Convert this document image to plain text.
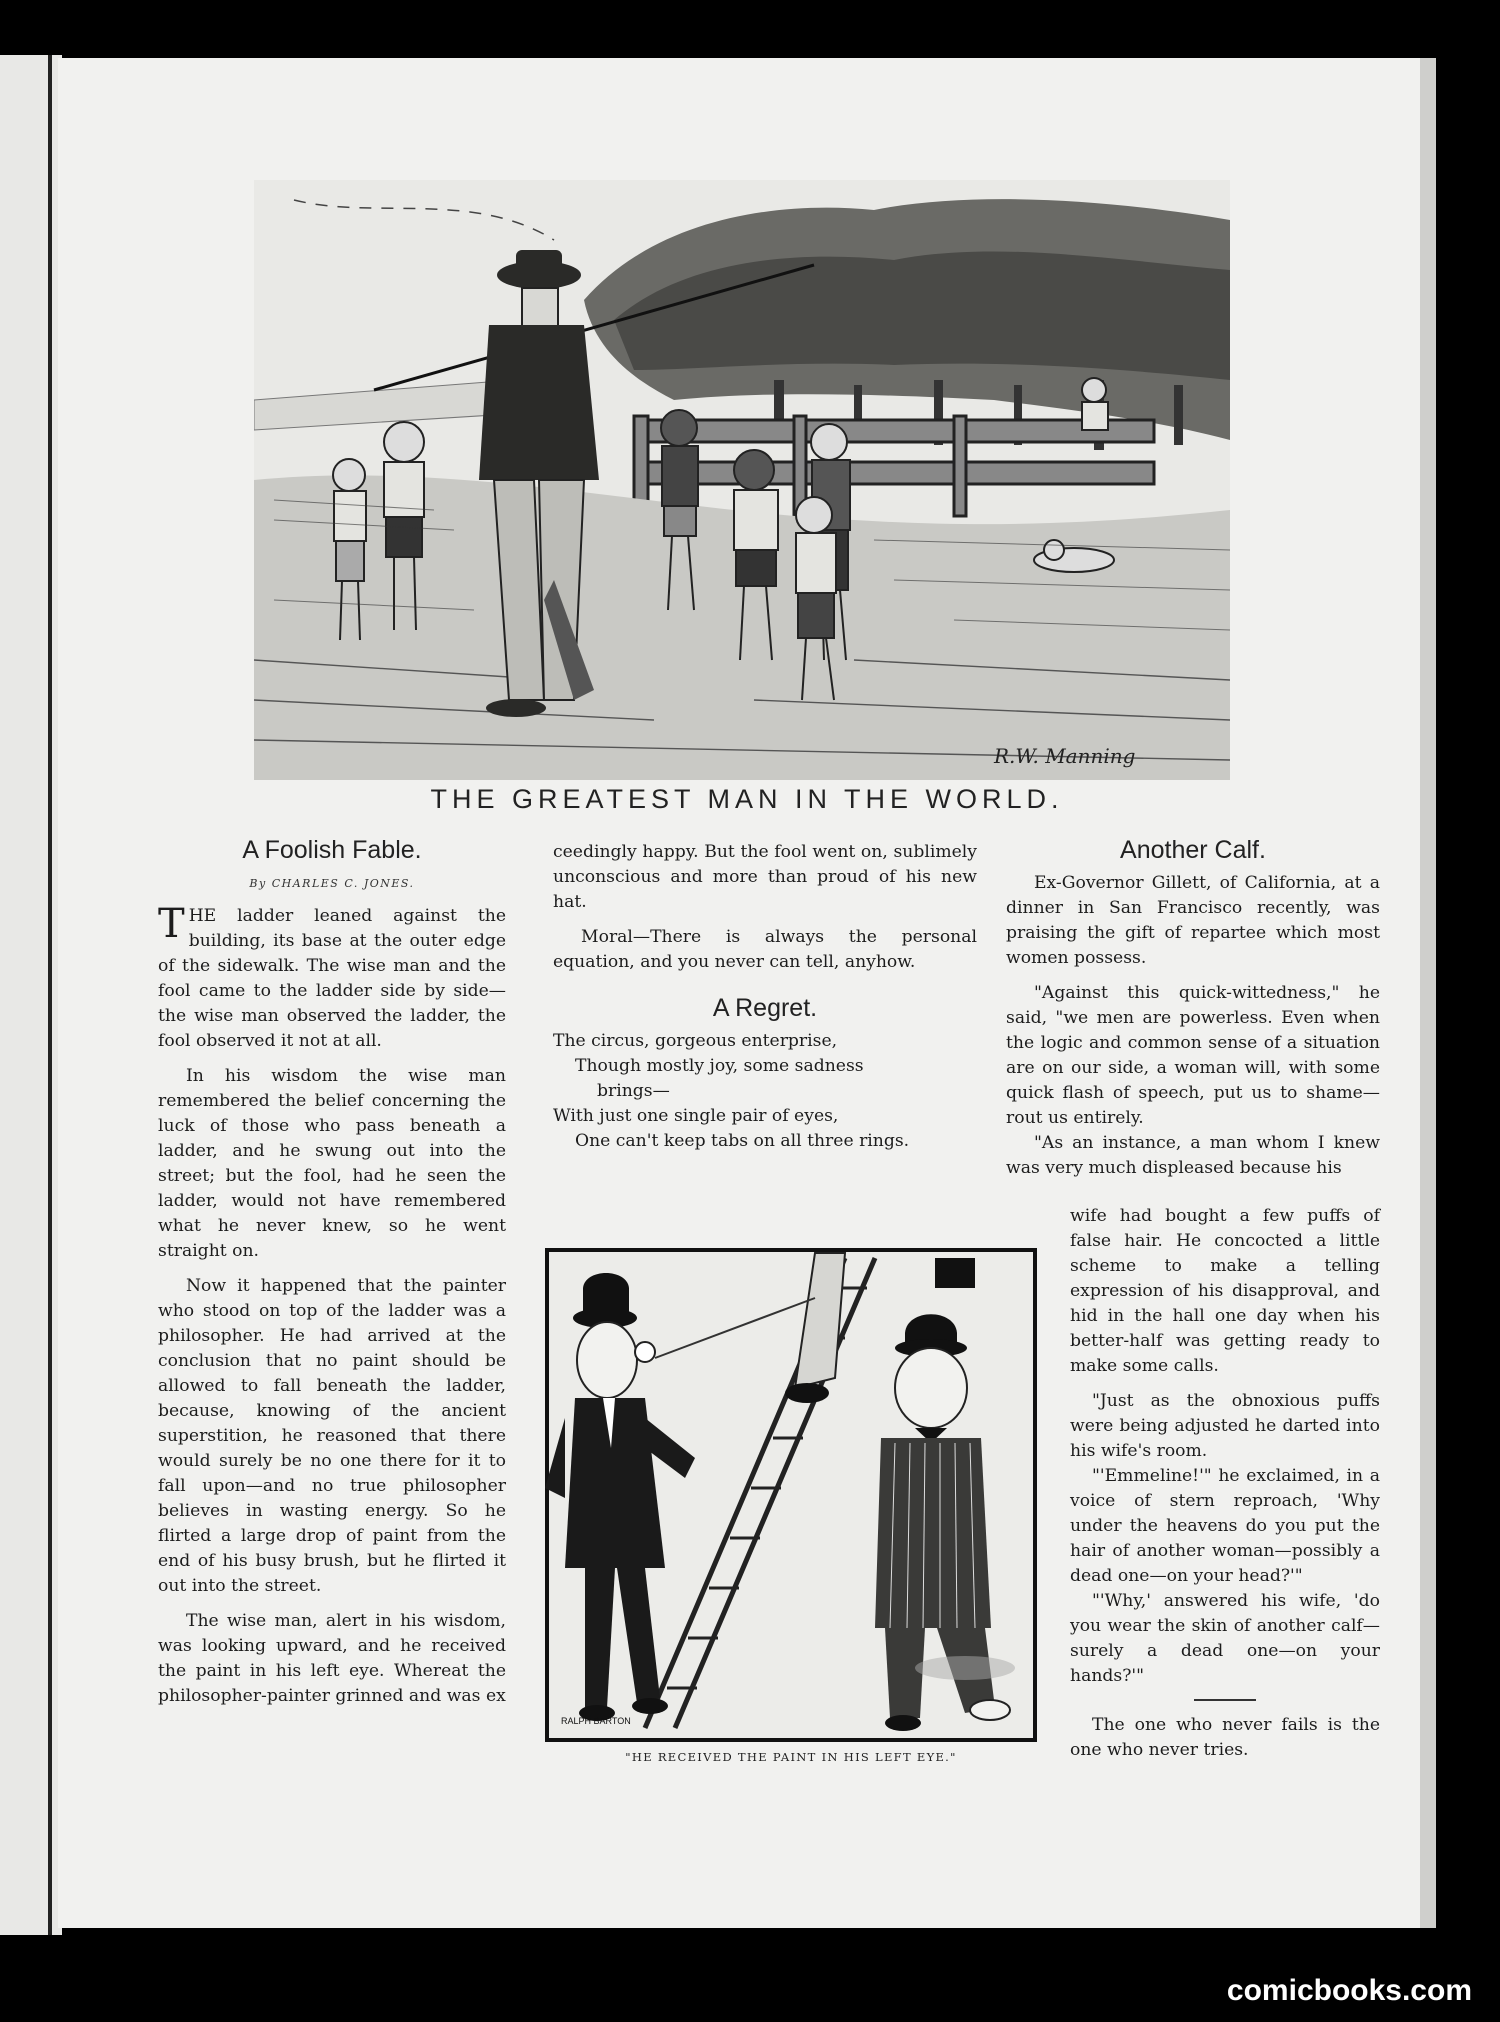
R.W. Manning
THE GREATEST MAN IN THE WORLD.
A Foolish Fable.
By CHARLES C. JONES.

THE ladder leaned against the building, its base at the outer edge of the sidewalk. The wise man and the fool came to the ladder side by side—the wise man observed the ladder, the fool observed it not at all.

In his wisdom the wise man remembered the belief concerning the luck of those who pass beneath a ladder, and he swung out into the street; but the fool, had he seen the ladder, would not have remembered what he never knew, so he went straight on.

Now it happened that the painter who stood on top of the ladder was a philosopher. He had arrived at the conclusion that no paint should be allowed to fall beneath the ladder, because, knowing of the ancient superstition, he reasoned that there would surely be no one there for it to fall upon—and no true philosopher believes in wasting energy. So he flirted a large drop of paint from the end of his busy brush, but he flirted it out into the street.

The wise man, alert in his wisdom, was looking upward, and he received the paint in his left eye. Whereat the philosopher-painter grinned and was ex

ceedingly happy. But the fool went on, sublimely unconscious and more than proud of his new hat.

Moral—There is always the personal equation, and you never can tell, anyhow.

A Regret.
The circus, gorgeous enterprise,
Though mostly joy, some sadness
brings—
With just one single pair of eyes,
One can't keep tabs on all three rings.
RALPH BARTON
"HE RECEIVED THE PAINT IN HIS LEFT EYE."
Another Calf.

Ex-Governor Gillett, of California, at a dinner in San Francisco recently, was praising the gift of repartee which most women possess.

"Against this quick-wittedness," he said, "we men are powerless. Even when the logic and common sense of a situation are on our side, a woman will, with some quick flash of speech, put us to shame—rout us entirely.

"As an instance, a man whom I knew was very much displeased because his

wife had bought a few puffs of false hair. He concocted a little scheme to make a telling expression of his disapproval, and hid in the hall one day when his better-half was getting ready to make some calls.

"Just as the obnoxious puffs were being adjusted he darted into his wife's room.

"'Emmeline!'" he exclaimed, in a voice of stern reproach, 'Why under the heavens do you put the hair of another woman—possibly a dead one—on your head?'"

"'Why,' answered his wife, 'do you wear the skin of another calf—surely a dead one—on your hands?'"

The one who never fails is the one who never tries.

comicbooks.com
